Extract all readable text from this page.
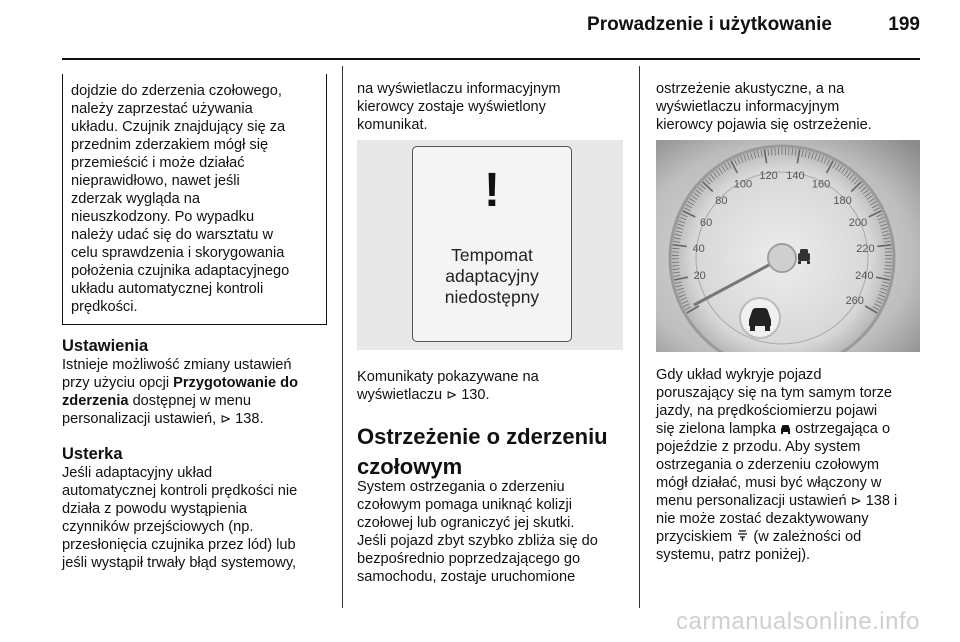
Prowadzenie i użytkowanie	199

dojdzie do zderzenia czołowego,

należy zaprzestać używania

układu. Czujnik znajdujący się za

przednim zderzakiem mógł się

przemieścić i może działać

nieprawidłowo, nawet jeśli

zderzak wygląda na

nieuszkodzony. Po wypadku

należy udać się do warsztatu w

celu sprawdzenia i skorygowania

położenia czujnika adaptacyjnego

układu automatycznej kontroli

prędkości.

Ustawienia

Istnieje możliwość zmiany ustawień

przy użyciu opcji Przygotowanie do

zderzenia dostępnej w menu

personalizacji ustawień, ⊳ 138.

Usterka

Jeśli adaptacyjny układ

automatycznej kontroli prędkości nie

działa z powodu wystąpienia

czynników przejściowych (np.

przesłonięcia czujnika przez lód) lub

jeśli wystąpił trwały błąd systemowy,

na wyświetlaczu informacyjnym

kierowcy zostaje wyświetlony

komunikat.

!
Tempomat
adaptacyjny
niedostępny

Komunikaty pokazywane na

wyświetlaczu ⊳ 130.

Ostrzeżenie o zderzeniu
czołowym

System ostrzegania o zderzeniu

czołowym pomaga uniknąć kolizji

czołowej lub ograniczyć jej skutki.

Jeśli pojazd zbyt szybko zbliża się do

bezpośrednio poprzedzającego go

samochodu, zostaje uruchomione

ostrzeżenie akustyczne, a na

wyświetlaczu informacyjnym

kierowcy pojawia się ostrzeżenie.

20
40
60
80
100
120 140
160
180
200
220
240
260

Gdy układ wykryje pojazd

poruszający się na tym samym torze

jazdy, na prędkościomierzu pojawi

się zielona lampka  ostrzegająca o

pojeździe z przodu. Aby system

ostrzegania o zderzeniu czołowym

mógł działać, musi być włączony w

menu personalizacji ustawień ⊳ 138 i

nie może zostać dezaktywowany

przyciskiem  (w zależności od

systemu, patrz poniżej).

carmanualsonline.info
